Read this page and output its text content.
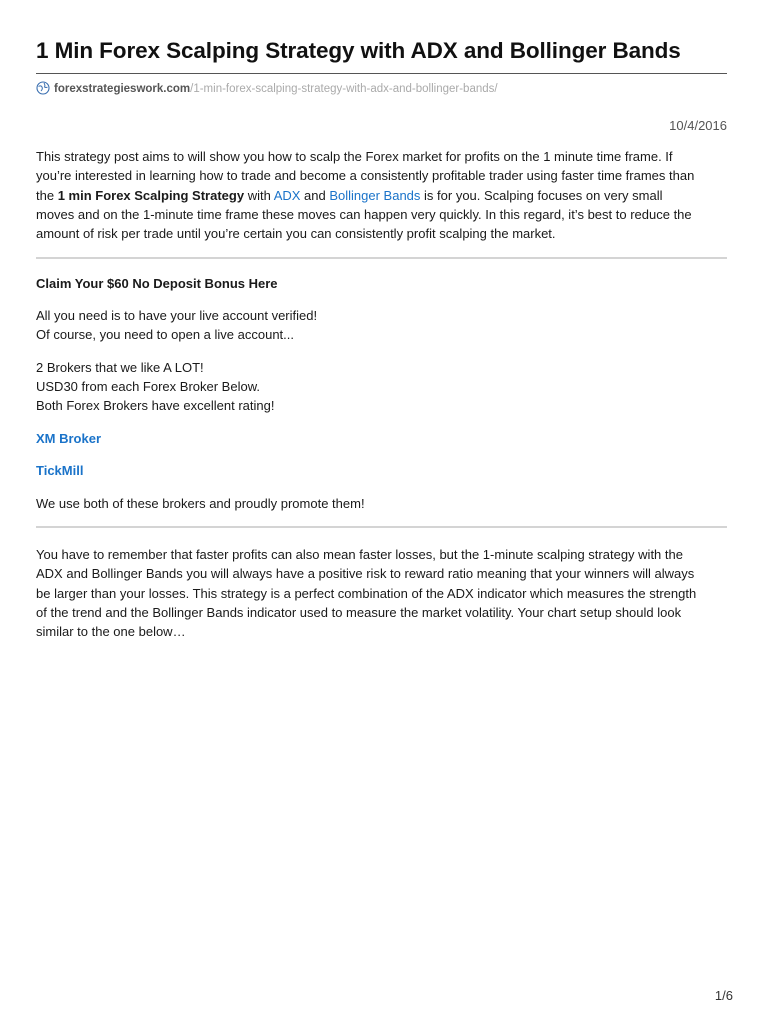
1 Min Forex Scalping Strategy with ADX and Bollinger Bands
forexstrategieswork.com /1-min-forex-scalping-strategy-with-adx-and-bollinger-bands/
10/4/2016

This strategy post aims to will show you how to scalp the Forex market for profits on the 1 minute time frame. If
you’re interested in learning how to trade and become a consistently profitable trader using faster time frames than
the 1 min Forex Scalping Strategy with ADX and Bollinger Bands is for you. Scalping focuses on very small
moves and on the 1-minute time frame these moves can happen very quickly. In this regard, it’s best to reduce the
amount of risk per trade until you’re certain you can consistently profit scalping the market.

Claim Your $60 No Deposit Bonus Here
All you need is to have your live account verified!
Of course, you need to open a live account...
2 Brokers that we like A LOT!
USD30 from each Forex Broker Below.
Both Forex Brokers have excellent rating!
XM Broker
TickMill
We use both of these brokers and proudly promote them!

You have to remember that faster profits can also mean faster losses, but the 1-minute scalping strategy with the
ADX and Bollinger Bands you will always have a positive risk to reward ratio meaning that your winners will always
be larger than your losses. This strategy is a perfect combination of the ADX indicator which measures the strength
of the trend and the Bollinger Bands indicator used to measure the market volatility. Your chart setup should look
similar to the one below…

1/6
